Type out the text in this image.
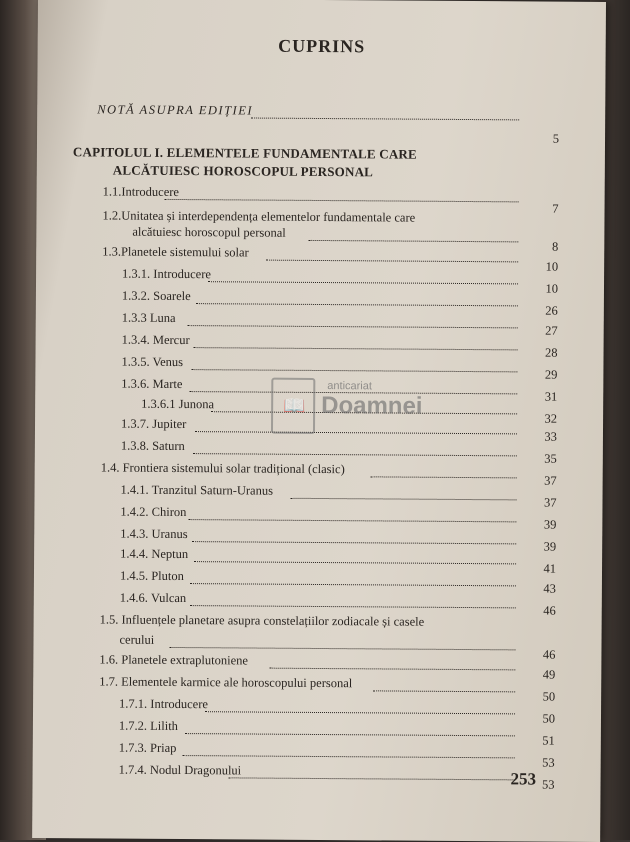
CUPRINS
NOTĂ ASUPRA EDIȚIEI
5
CAPITOLUL I. ELEMENTELE FUNDAMENTALE CARE
ALCĂTUIESC HOROSCOPUL PERSONAL
1.1.Introducere
7
1.2.Unitatea și interdependența elementelor fundamentale care
alcătuiesc horoscopul personal
8
1.3.Planetele sistemului solar
10
1.3.1. Introducere
10
1.3.2. Soarele
26
1.3.3 Luna
27
1.3.4. Mercur
28
1.3.5. Venus
29
1.3.6. Marte
31
1.3.6.1 Junona
32
1.3.7. Jupiter
33
1.3.8. Saturn
35
1.4. Frontiera sistemului solar tradițional (clasic)
37
1.4.1. Tranzitul Saturn-Uranus
37
1.4.2. Chiron
39
1.4.3. Uranus
39
1.4.4. Neptun
41
1.4.5. Pluton
43
1.4.6. Vulcan
46
1.5. Influențele planetare asupra constelațiilor zodiacale și casele
cerului
46
1.6. Planetele extraplutoniene
49
1.7. Elementele karmice ale horoscopului personal
50
1.7.1. Introducere
50
1.7.2. Lilith
51
1.7.3. Priap
53
1.7.4. Nodul Dragonului
53
📖
anticariat
Doamnei
253
